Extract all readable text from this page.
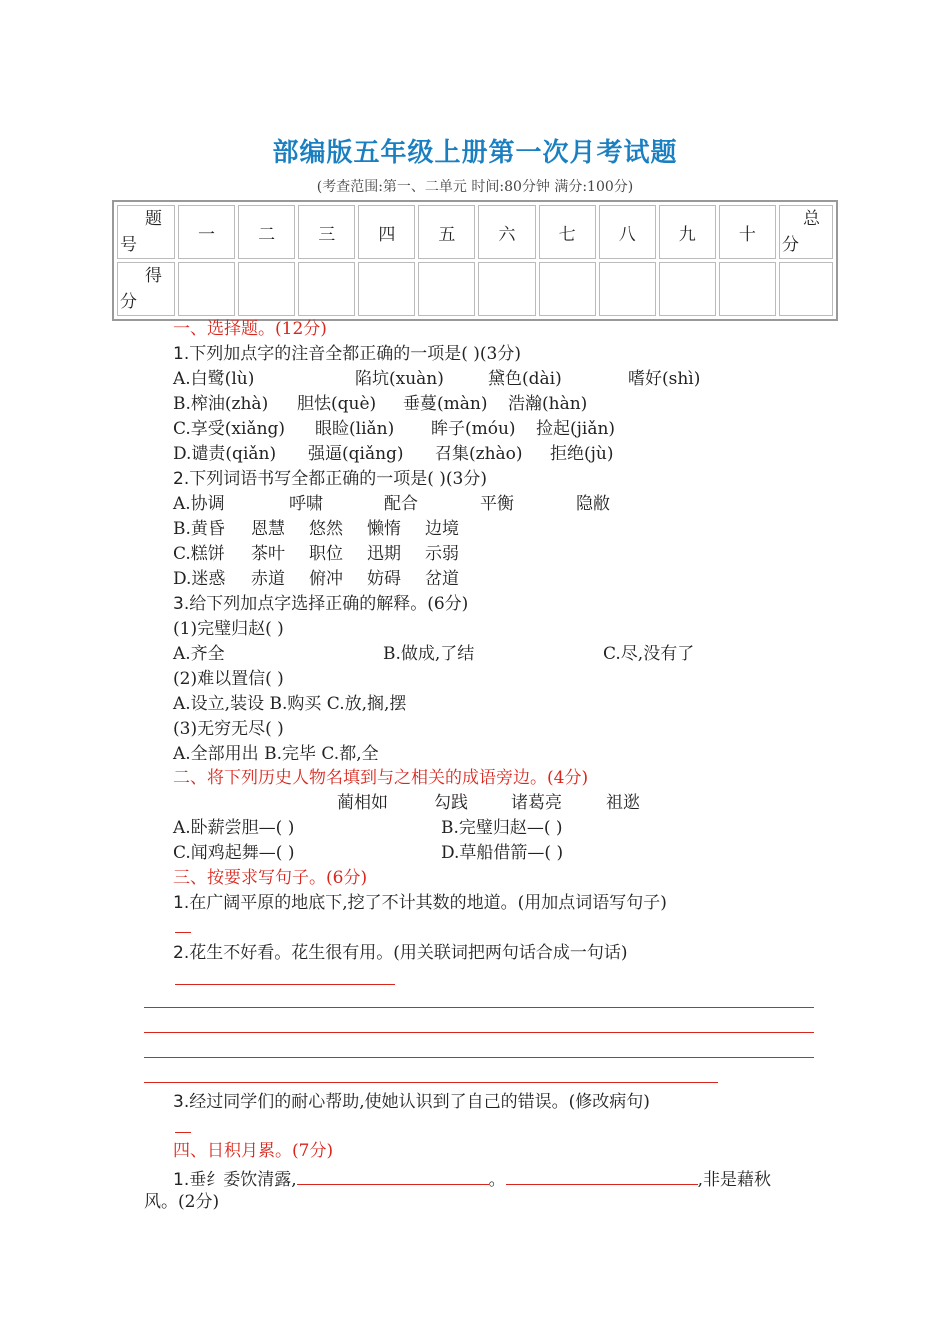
部编版五年级上册第一次月考试题
(考查范围:第一、二单元 时间:80分钟 满分:100分)
题
号	一	二	三	四	五	六	七	八	九	十	总
分

得
分											

一、选择题。(12分)
1.下列加点字的注音全都正确的一项是( )(3分)
A.白鹭(lù)	陷坑(xuàn)	黛色(dài)	嗜好(shì)
B.榨油(zhà) 胆怯(què) 垂蔓(màn) 浩瀚(hàn)
C.享受(xiǎng) 眼睑(liǎn) 眸子(móu) 捡起(jiǎn)
D.谴责(qiǎn) 强逼(qiǎng) 召集(zhào) 拒绝(jù)
2.下列词语书写全都正确的一项是( )(3分)
A.协调	呼啸	配合	平衡	隐敝
B.黄昏 恩慧 悠然 懒惰 边境
C.糕饼 茶叶 职位 迅期 示弱
D.迷惑 赤道 俯冲 妨碍 岔道
3.给下列加点字选择正确的解释。(6分)
(1)完璧归赵( )
A.齐全	B.做成,了结	C.尽,没有了
(2)难以置信( )
A.设立,装设 B.购买 C.放,搁,摆
(3)无穷无尽( )
A.全部用出 B.完毕 C.都,全
二、将下列历史人物名填到与之相关的成语旁边。(4分)
蔺相如	勾践	诸葛亮	祖逖
A.卧薪尝胆—( )	B.完璧归赵—( )
C.闻鸡起舞—( )	D.草船借箭—( )
三、按要求写句子。(6分)
1.在广阔平原的地底下,挖了不计其数的地道。(用加点词语写句子)
2.花生不好看。花生很有用。(用关联词把两句话合成一句话)
3.经过同学们的耐心帮助,使她认识到了自己的错误。(修改病句)
四、日积月累。(7分)
1.垂纟委饮清露,	。	,非是藉秋
风。(2分)
